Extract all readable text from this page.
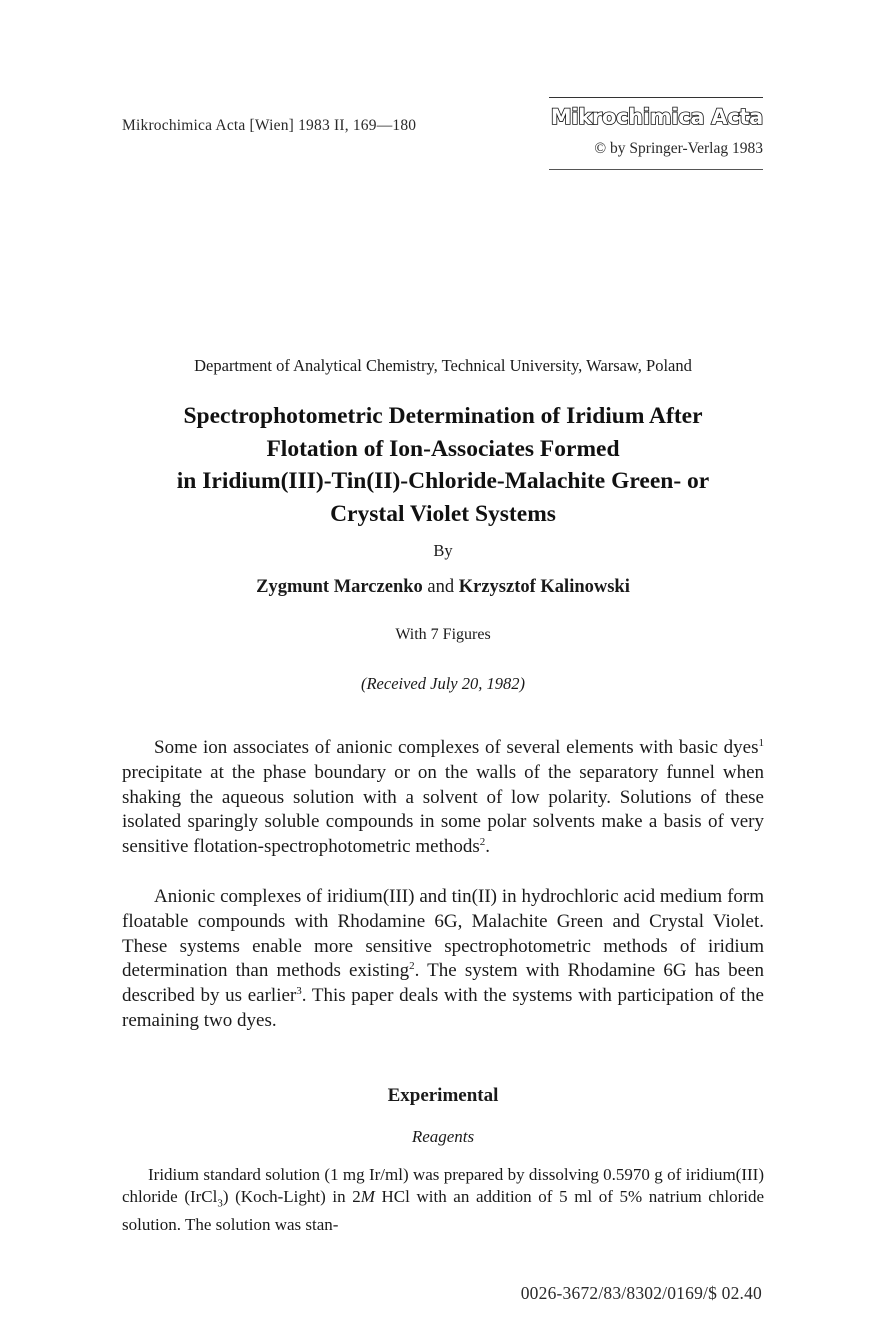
Mikrochimica Acta [Wien] 1983 II, 169—180	Mikrochimica Acta
© by Springer-Verlag 1983
Department of Analytical Chemistry, Technical University, Warsaw, Poland
Spectrophotometric Determination of Iridium After
Flotation of Ion-Associates Formed
in Iridium(III)-Tin(II)-Chloride-Malachite Green- or
Crystal Violet Systems
By
Zygmunt Marczenko and Krzysztof Kalinowski
With 7 Figures
(Received July 20, 1982)

Some ion associates of anionic complexes of several elements with basic dyes$^1$ precipitate at the phase boundary or on the walls of the separatory funnel when shaking the aqueous solution with a solvent of low polarity. Solutions of these isolated sparingly soluble compounds in some polar solvents make a basis of very sensitive flotation-spectrophotometric methods$^2$.

Anionic complexes of iridium(III) and tin(II) in hydrochloric acid medium form floatable compounds with Rhodamine 6G, Malachite Green and Crystal Violet. These systems enable more sensitive spectrophotometric methods of iridium determination than methods existing$^2$. The system with Rhodamine 6G has been described by us earlier$^3$. This paper deals with the systems with participation of the remaining two dyes.

Experimental
Reagents

Iridium standard solution (1 mg Ir/ml) was prepared by dissolving 0.5970 g of iridium(III) chloride (IrCl$_3$) (Koch-Light) in 2M HCl with an addition of 5 ml of 5% natrium chloride solution. The solution was stan-

0026-3672/83/8302/0169/$ 02.40
